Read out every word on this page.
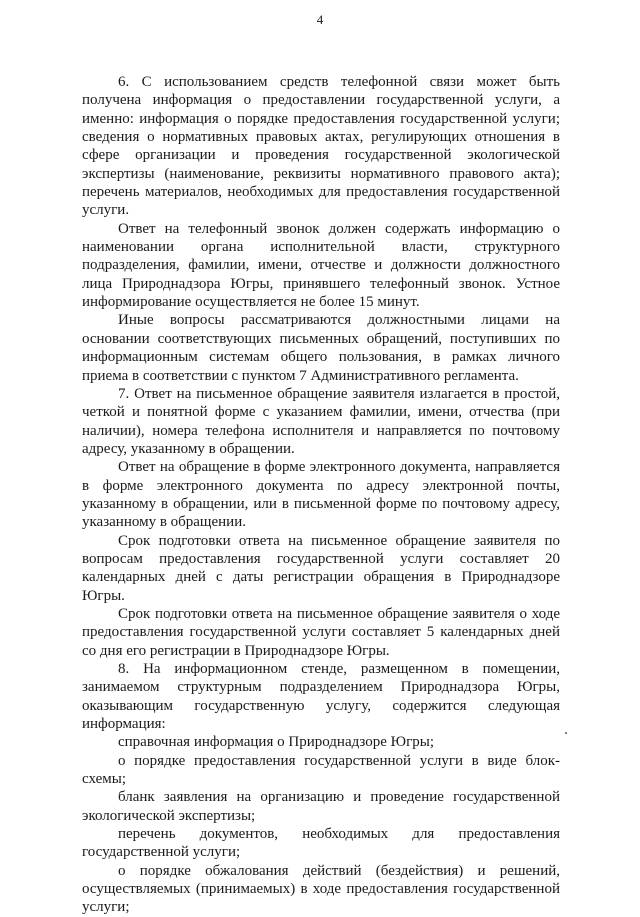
4

6. С использованием средств телефонной связи может быть получена информация о предоставлении государственной услуги, а именно: информация о порядке предоставления государственной услуги; сведения о нормативных правовых актах, регулирующих отношения в сфере организации и проведения государственной экологической экспертизы (наименование, реквизиты нормативного правового акта); перечень материалов, необходимых для предоставления государственной услуги.

Ответ на телефонный звонок должен содержать информацию о наименовании органа исполнительной власти, структурного подразделения, фамилии, имени, отчестве и должности должностного лица Природнадзора Югры, принявшего телефонный звонок. Устное информирование осуществляется не более 15 минут.

Иные вопросы рассматриваются должностными лицами на основании соответствующих письменных обращений, поступивших по информационным системам общего пользования, в рамках личного приема в соответствии с пунктом 7 Административного регламента.

7. Ответ на письменное обращение заявителя излагается в простой, четкой и понятной форме с указанием фамилии, имени, отчества (при наличии), номера телефона исполнителя и направляется по почтовому адресу, указанному в обращении.

Ответ на обращение в форме электронного документа, направляется в форме электронного документа по адресу электронной почты, указанному в обращении, или в письменной форме по почтовому адресу, указанному в обращении.

Срок подготовки ответа на письменное обращение заявителя по вопросам предоставления государственной услуги составляет 20 календарных дней с даты регистрации обращения в Природнадзоре Югры.

Срок подготовки ответа на письменное обращение заявителя о ходе предоставления государственной услуги составляет 5 календарных дней со дня его регистрации в Природнадзоре Югры.

8. На информационном стенде, размещенном в помещении, занимаемом структурным подразделением Природнадзора Югры, оказывающим государственную услугу, содержится следующая информация:

справочная информация о Природнадзоре Югры;

о порядке предоставления государственной услуги в виде блок-схемы;

бланк заявления на организацию и проведение государственной экологической экспертизы;

перечень документов, необходимых для предоставления государственной услуги;

о порядке обжалования действий (бездействия) и решений, осуществляемых (принимаемых) в ходе предоставления государственной услуги;
